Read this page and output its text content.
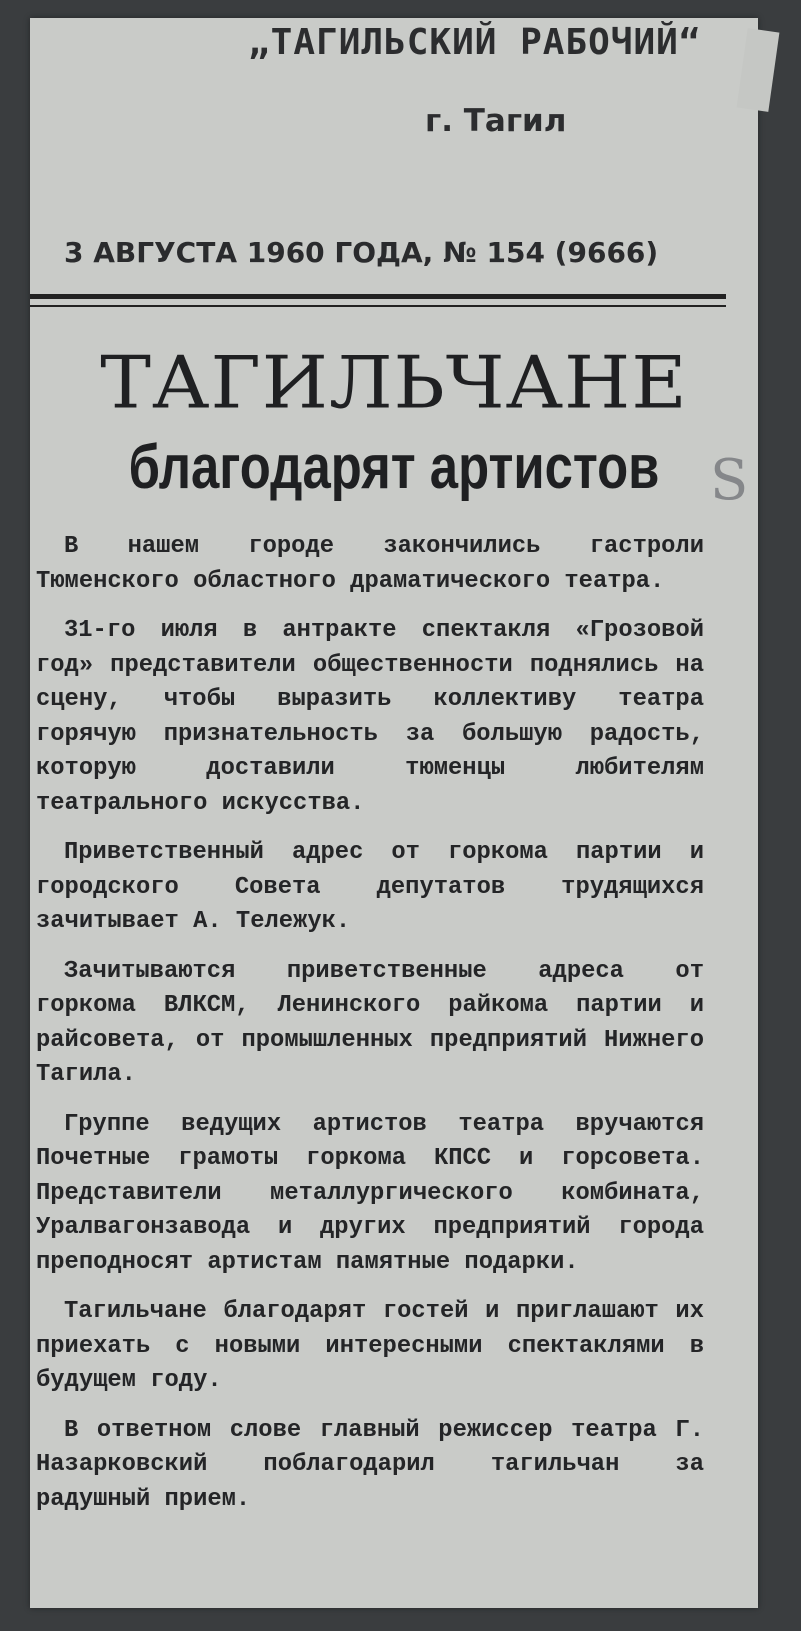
„ТАГИЛЬСКИЙ РАБОЧИЙ“
г. Тагил
3 АВГУСТА 1960 ГОДА, № 154 (9666)
ТАГИЛЬЧАНЕ
благодарят артистов S

В нашем городе закончились гастроли Тюменского областного драматического театра.

31-го июля в антракте спектакля «Грозовой год» представители общественности поднялись на сцену, чтобы выразить коллективу театра горячую признательность за большую радость, которую доставили тюменцы любителям театрального искусства.

Приветственный адрес от горкома партии и городского Совета депутатов трудящихся зачитывает А. Тележук.

Зачитываются приветственные адреса от горкома ВЛКСМ, Ленинского райкома партии и райсовета, от промышленных предприятий Нижнего Тагила.

Группе ведущих артистов театра вручаются Почетные грамоты горкома КПСС и горсовета. Представители металлургического комбината, Уралвагонзавода и других предприятий города преподносят артистам памятные подарки.

Тагильчане благодарят гостей и приглашают их приехать с новыми интересными спектаклями в будущем году.

В ответном слове главный режиссер театра Г. Назарковский поблагодарил тагильчан за радушный прием.
